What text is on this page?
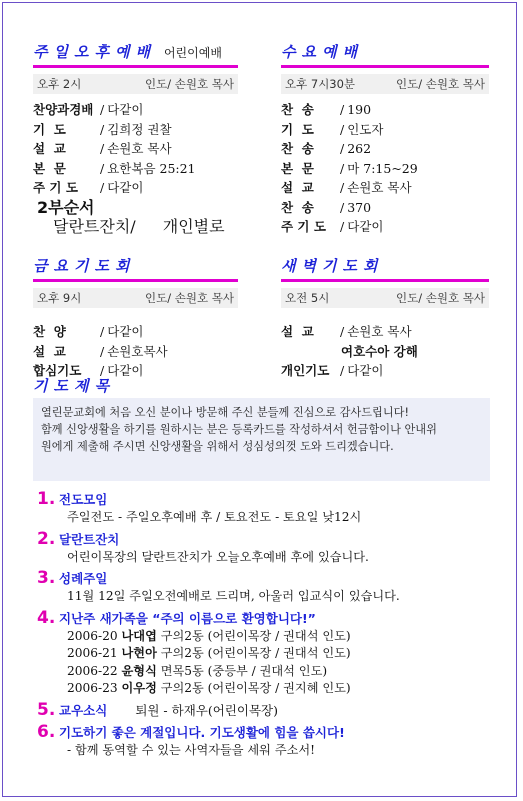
주일오후예배 어린이예배
오후 2시	인도/ 손원호 목사
찬양과경배 / 다같이
기  도	/ 김희정 권찰
설  교	/ 손원호 목사
본  문	/ 요한복음 25:21
주 기 도 / 다같이
2부순서
달란트잔치/ 개인별로
수요예배
오후 7시30분	인도/ 손원호 목사
찬  송 / 190
기  도 / 인도자
찬  송 / 262
본  문 / 마 7:15~29
설  교 / 손원호 목사
찬  송 / 370
주 기 도 / 다같이
금요기도회
오후 9시	인도/ 손원호 목사
찬  양	/ 다같이
설  교	/ 손원호목사
합심기도 / 다같이
새벽기도회
오전 5시	인도/ 손원호 목사
설  교 / 손원호 목사
여호수아 강해
개인기도 / 다같이
기도제목
열린문교회에 처음 오신 분이나 방문해 주신 분들께 진심으로 감사드립니다!
함께 신앙생활을 하기를 원하시는 분은 등록카드를 작성하셔서 헌금함이나 안내위
원에게 제출해 주시면 신앙생활을 위해서 성심성의껏 도와 드리겠습니다.
1. 전도모임
주일전도 - 주일오후예배 후 / 토요전도 - 토요일 낮12시
2. 달란트잔치
어린이목장의 달란트잔치가 오늘오후예배 후에 있습니다.
3. 성례주일
11월 12일 주일오전예배로 드리며, 아울러 입교식이 있습니다.
4. 지난주 새가족을 “주의 이름으로 환영합니다!”
2006-20 나대엽 구의2동 (어린이목장 / 권대석 인도)
2006-21 나현아 구의2동 (어린이목장 / 권대석 인도)
2006-22 윤형식 면목5동 (중등부 / 권대석 인도)
2006-23 이우정 구의2동 (어린이목장 / 권지혜 인도)
5. 교우소식 퇴원 - 하재우(어린이목장)
6. 기도하기 좋은 계절입니다. 기도생활에 힘을 씁시다!
- 함께 동역할 수 있는 사역자들을 세워 주소서!
